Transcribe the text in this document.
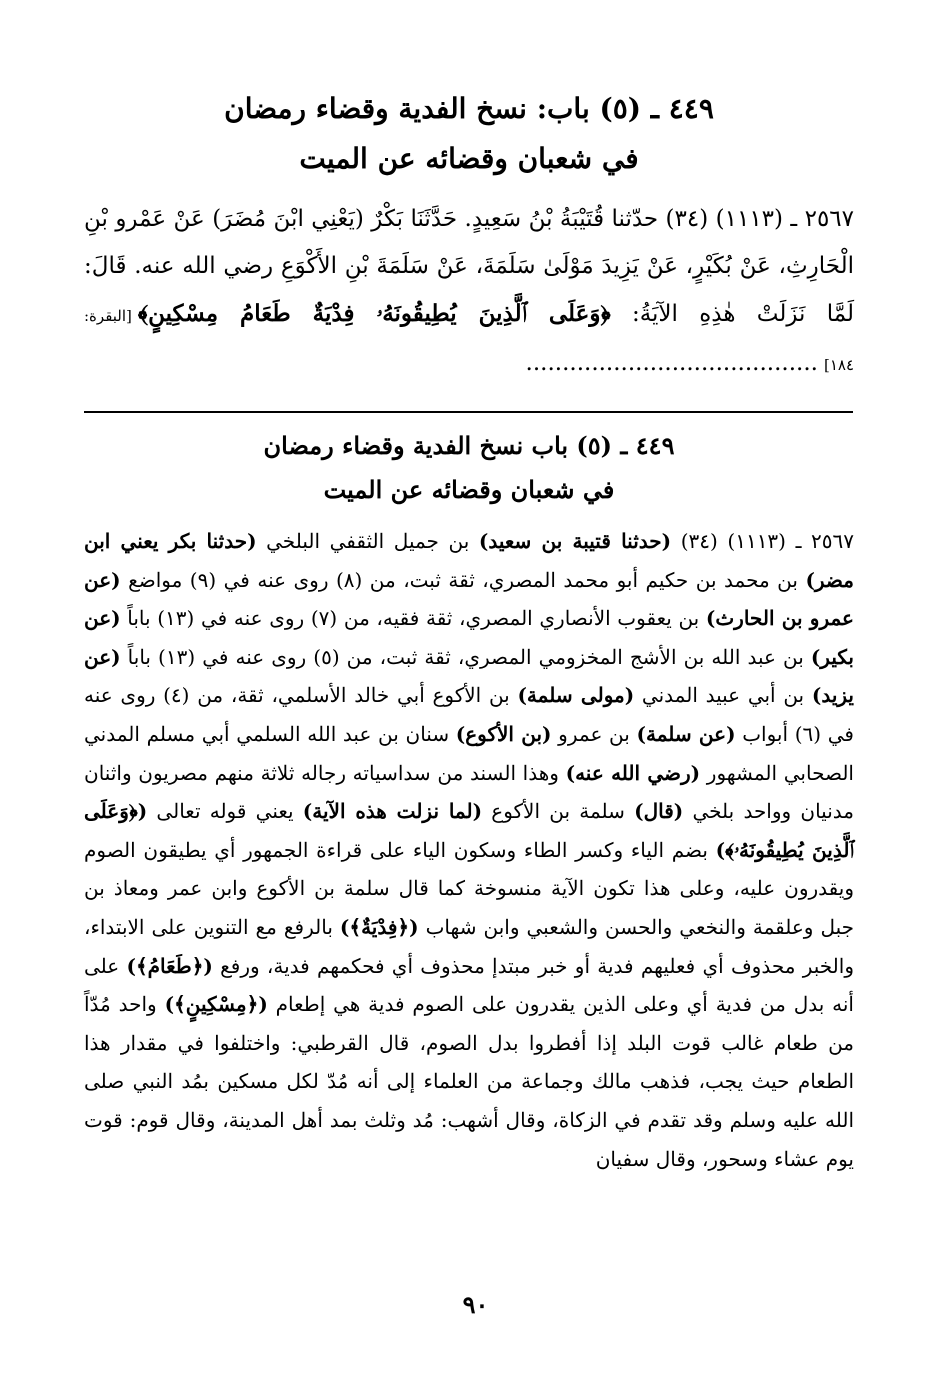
٤٤٩ ـ (٥) باب: نسخ الفدية وقضاء رمضان
في شعبان وقضائه عن الميت

٢٥٦٧ ـ (١١١٣) (٣٤) حدّثنا قُتَيْبَةُ بْنُ سَعِيدٍ. حَدَّثَنَا بَكْرٌ (يَعْنِي ابْنَ مُضَرَ) عَنْ عَمْرو بْنِ الْحَارِثِ، عَنْ بُكَيْرٍ، عَنْ يَزِيدَ مَوْلَىٰ سَلَمَةَ، عَنْ سَلَمَةَ بْنِ الأَكْوَعِ رضي الله عنه. قَالَ: لَمَّا نَزَلَتْ هٰذِهِ الآيَةُ: ﴿وَعَلَى ٱلَّذِينَ يُطِيقُونَهُۥ فِدْيَةٌ طَعَامُ مِسْكِينٍ﴾[البقرة: ١٨٤]........................................

٤٤٩ ـ (٥) باب نسخ الفدية وقضاء رمضان
في شعبان وقضائه عن الميت

٢٥٦٧ ـ (١١١٣) (٣٤) (حدثنا قتيبة بن سعيد) بن جميل الثقفي البلخي (حدثنا بكر يعني ابن مضر) بن محمد بن حكيم أبو محمد المصري، ثقة ثبت، من (٨) روى عنه في (٩) مواضع (عن عمرو بن الحارث) بن يعقوب الأنصاري المصري، ثقة فقيه، من (٧) روى عنه في (١٣) باباً (عن بكير) بن عبد الله بن الأشج المخزومي المصري، ثقة ثبت، من (٥) روى عنه في (١٣) باباً (عن يزيد) بن أبي عبيد المدني (مولى سلمة) بن الأكوع أبي خالد الأسلمي، ثقة، من (٤) روى عنه في (٦) أبواب (عن سلمة) بن عمرو (بن الأكوع) سنان بن عبد الله السلمي أبي مسلم المدني الصحابي المشهور (رضي الله عنه) وهذا السند من سداسياته رجاله ثلاثة منهم مصريون واثنان مدنيان وواحد بلخي (قال) سلمة بن الأكوع (لما نزلت هذه الآية) يعني قوله تعالى (﴿وَعَلَى ٱلَّذِينَ يُطِيقُونَهُۥ﴾) بضم الياء وكسر الطاء وسكون الياء على قراءة الجمهور أي يطيقون الصوم ويقدرون عليه، وعلى هذا تكون الآية منسوخة كما قال سلمة بن الأكوع وابن عمر ومعاذ بن جبل وعلقمة والنخعي والحسن والشعبي وابن شهاب (﴿فِدْيَةٌ﴾) بالرفع مع التنوين على الابتداء، والخبر محذوف أي فعليهم فدية أو خبر مبتدإ محذوف أي فحكمهم فدية، ورفع (﴿طَعَامُ﴾) على أنه بدل من فدية أي وعلى الذين يقدرون على الصوم فدية هي إطعام (﴿مِسْكِينٍ﴾) واحد مُدّاً من طعام غالب قوت البلد إذا أفطروا بدل الصوم، قال القرطبي: واختلفوا في مقدار هذا الطعام حيث يجب، فذهب مالك وجماعة من العلماء إلى أنه مُدّ لكل مسكين بمُد النبي صلى الله عليه وسلم وقد تقدم في الزكاة، وقال أشهب: مُد وثلث بمد أهل المدينة، وقال قوم: قوت يوم عشاء وسحور، وقال سفيان

٩٠
